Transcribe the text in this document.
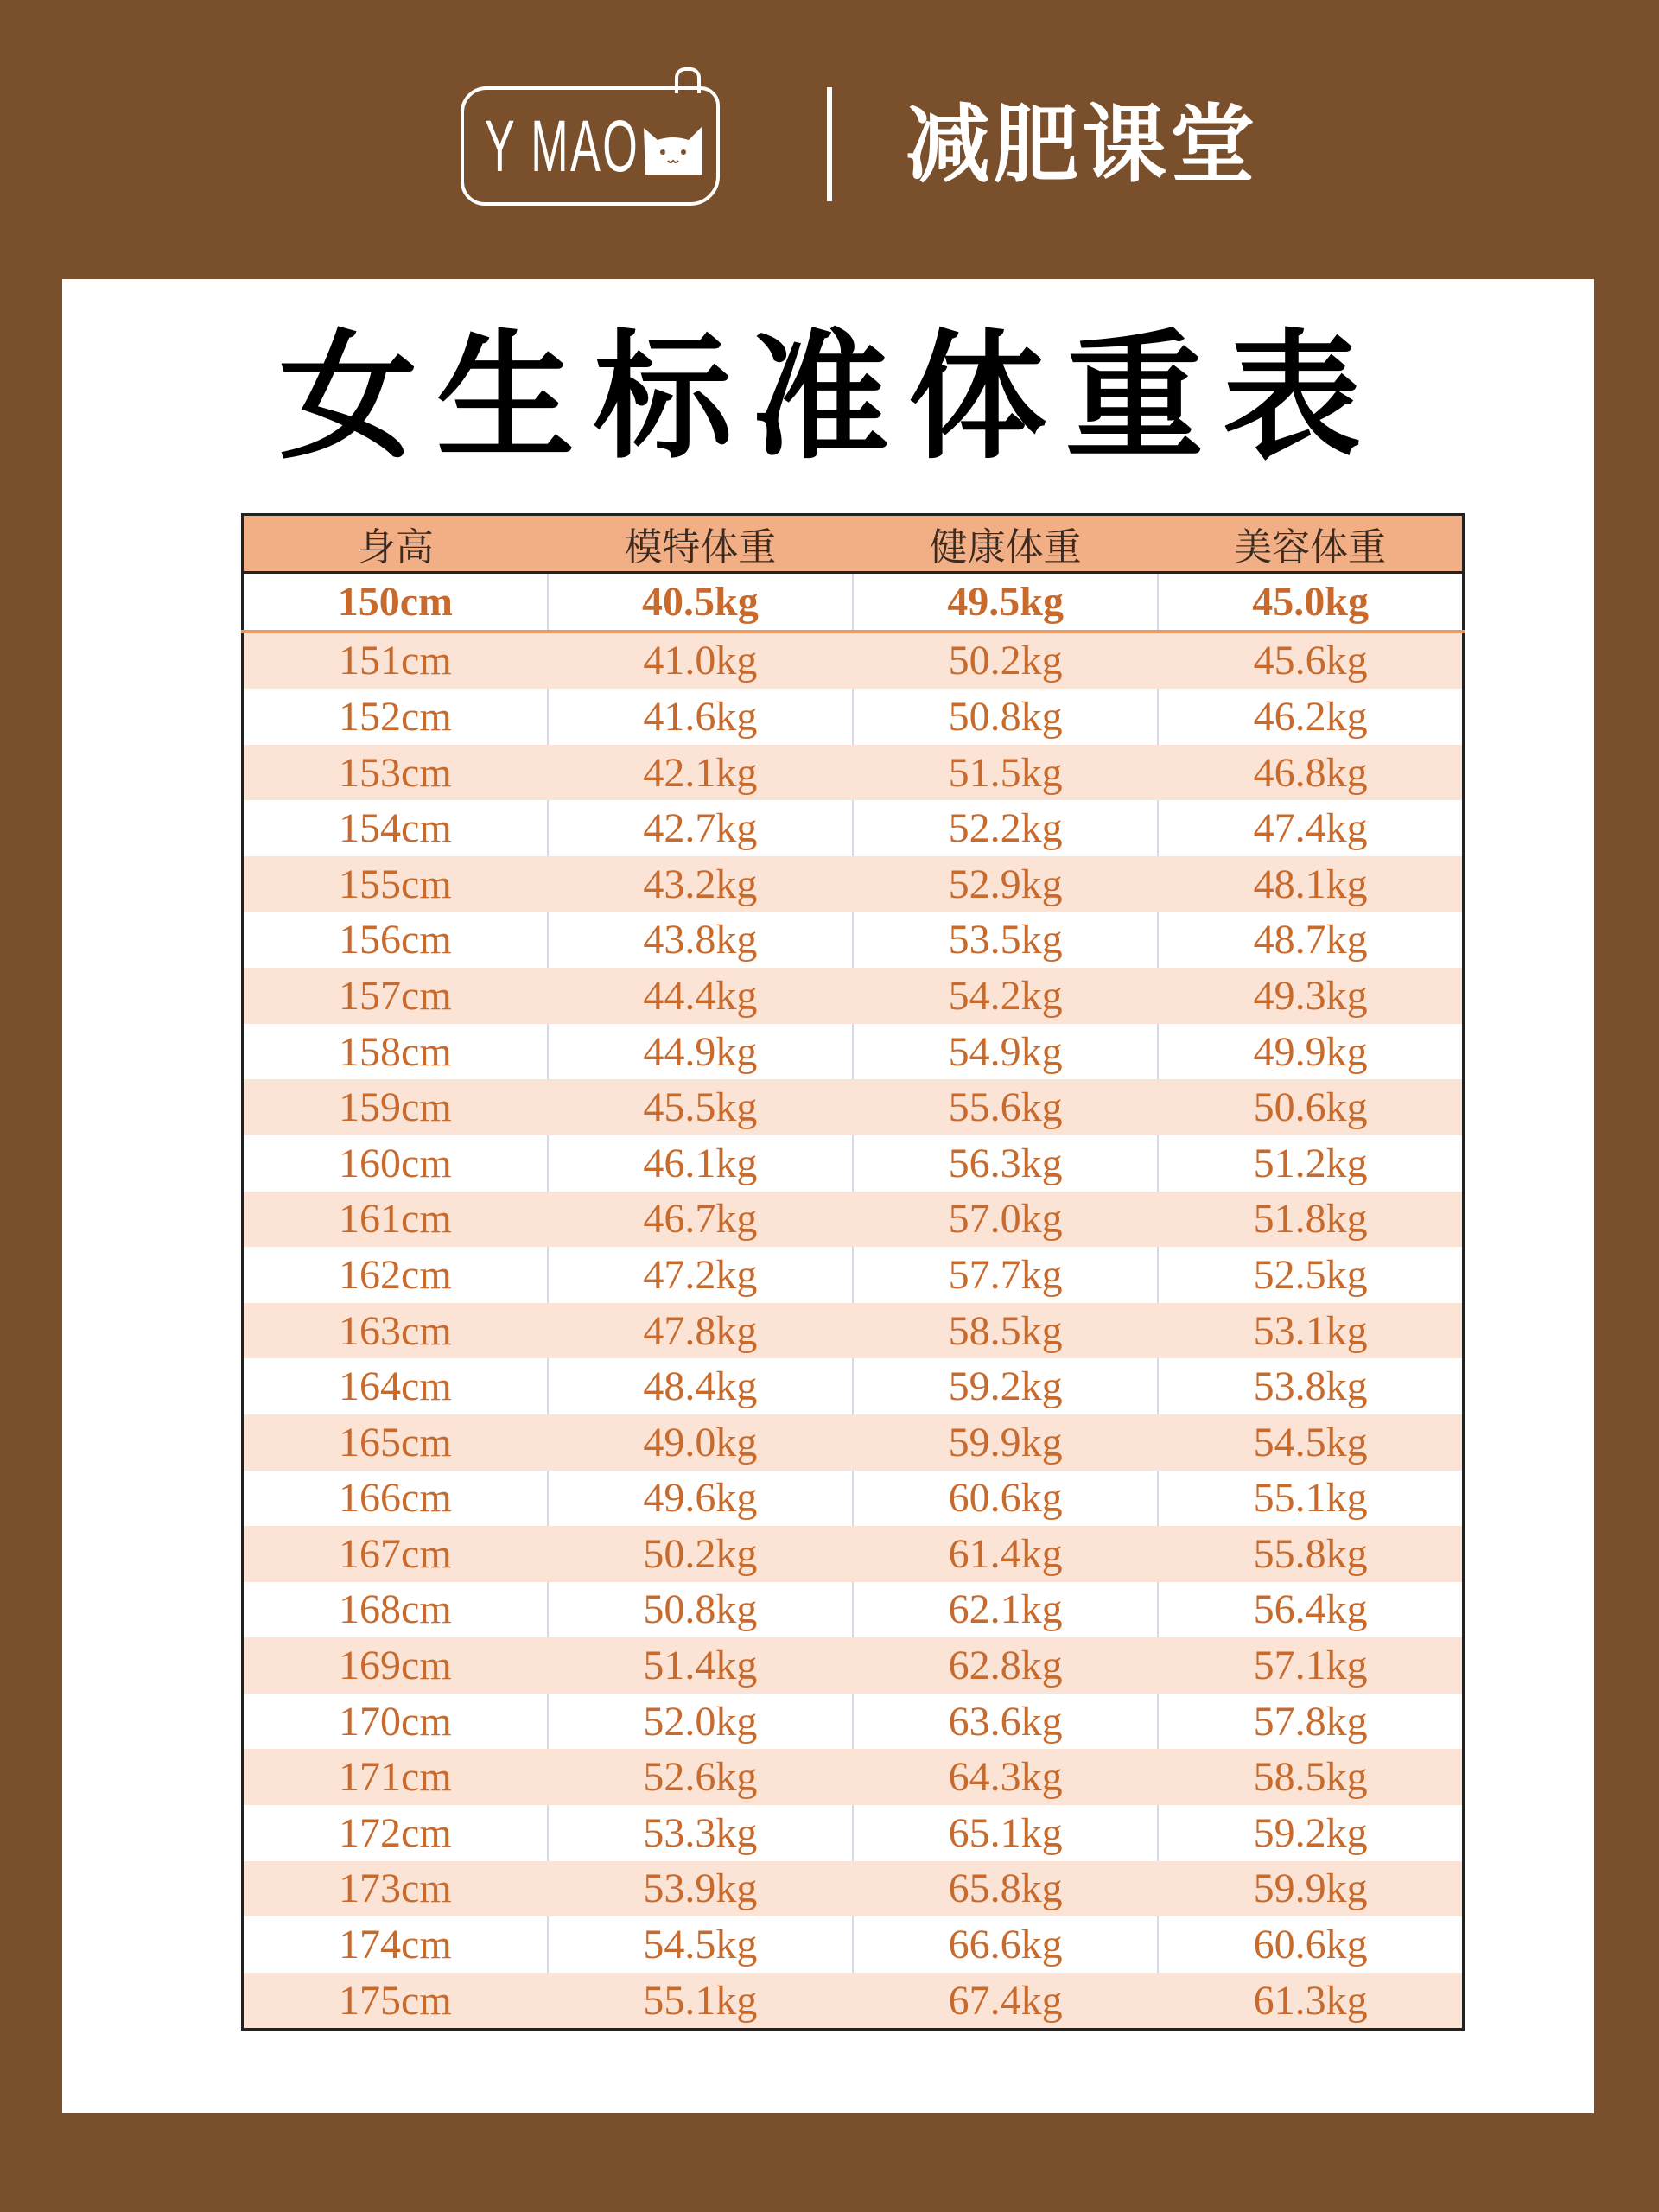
Y MAO	减肥课堂
女生标准体重表
身高	模特体重	健康体重	美容体重
150cm	40.5kg	49.5kg	45.0kg
151cm	41.0kg	50.2kg	45.6kg
152cm	41.6kg	50.8kg	46.2kg
153cm	42.1kg	51.5kg	46.8kg
154cm	42.7kg	52.2kg	47.4kg
155cm	43.2kg	52.9kg	48.1kg
156cm	43.8kg	53.5kg	48.7kg
157cm	44.4kg	54.2kg	49.3kg
158cm	44.9kg	54.9kg	49.9kg
159cm	45.5kg	55.6kg	50.6kg
160cm	46.1kg	56.3kg	51.2kg
161cm	46.7kg	57.0kg	51.8kg
162cm	47.2kg	57.7kg	52.5kg
163cm	47.8kg	58.5kg	53.1kg
164cm	48.4kg	59.2kg	53.8kg
165cm	49.0kg	59.9kg	54.5kg
166cm	49.6kg	60.6kg	55.1kg
167cm	50.2kg	61.4kg	55.8kg
168cm	50.8kg	62.1kg	56.4kg
169cm	51.4kg	62.8kg	57.1kg
170cm	52.0kg	63.6kg	57.8kg
171cm	52.6kg	64.3kg	58.5kg
172cm	53.3kg	65.1kg	59.2kg
173cm	53.9kg	65.8kg	59.9kg
174cm	54.5kg	66.6kg	60.6kg
175cm	55.1kg	67.4kg	61.3kg
